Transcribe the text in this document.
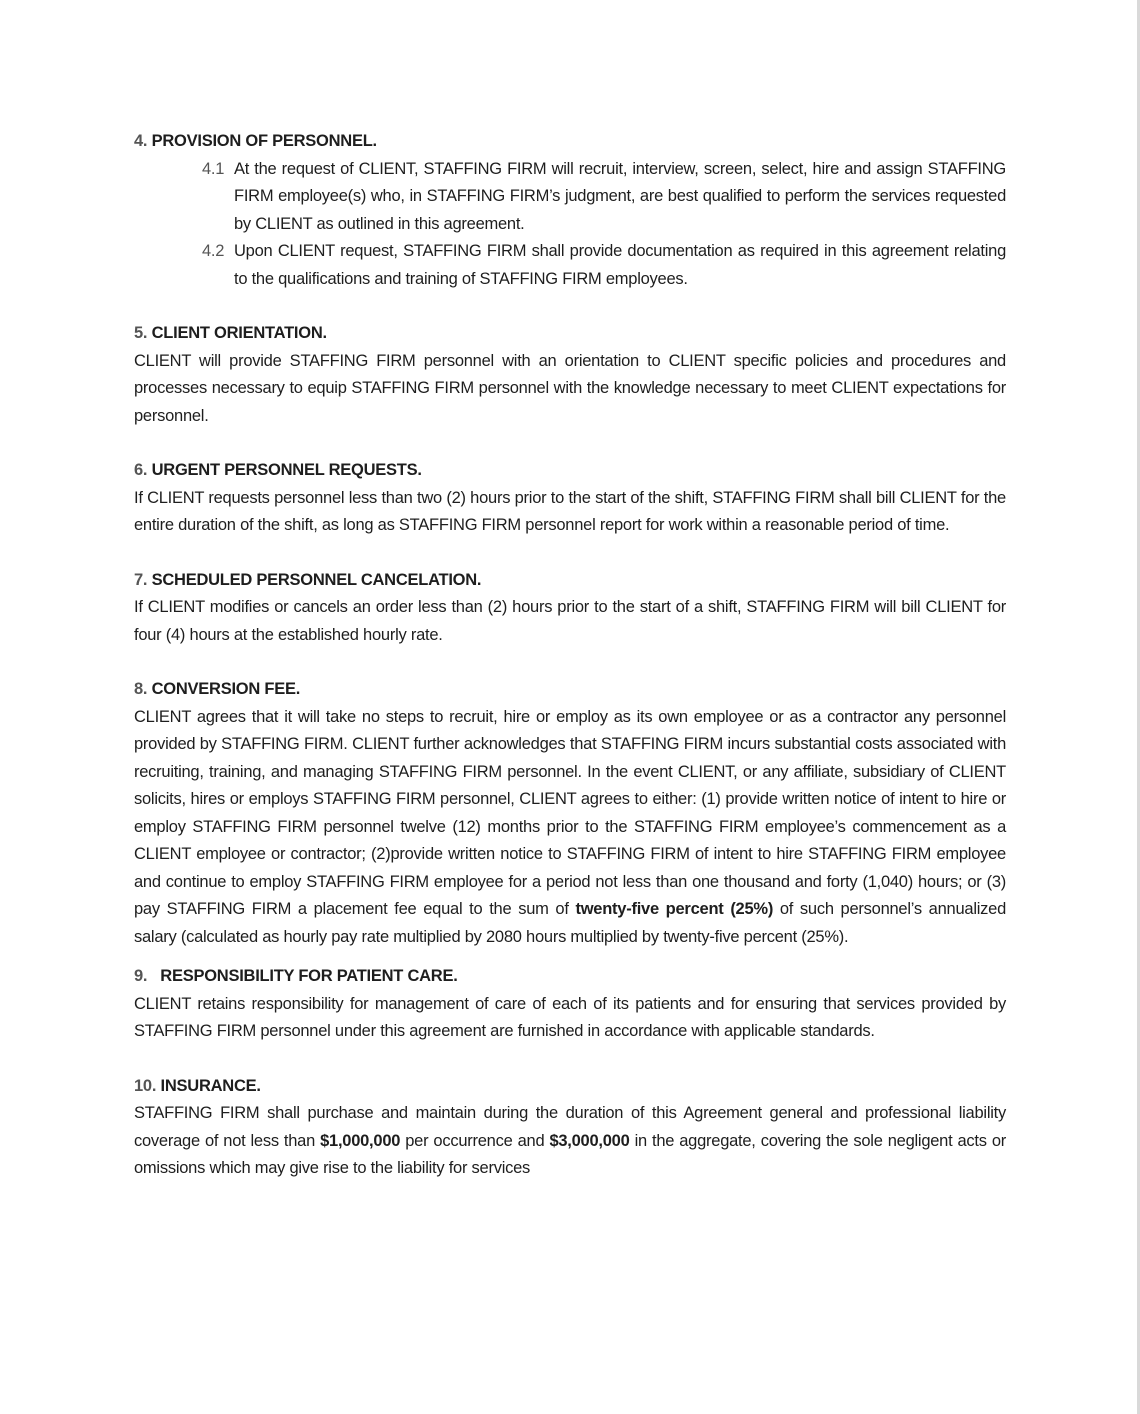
4. PROVISION OF PERSONNEL.

4.1 At the request of CLIENT, STAFFING FIRM will recruit, interview, screen, select, hire and assign STAFFING FIRM employee(s) who, in STAFFING FIRM’s judgment, are best qualified to perform the services requested by CLIENT as outlined in this agreement.

4.2 Upon CLIENT request, STAFFING FIRM shall provide documentation as required in this agreement relating to the qualifications and training of STAFFING FIRM employees.

5. CLIENT ORIENTATION.

CLIENT will provide STAFFING FIRM personnel with an orientation to CLIENT specific policies and procedures and processes necessary to equip STAFFING FIRM personnel with the knowledge necessary to meet CLIENT expectations for personnel.

6. URGENT PERSONNEL REQUESTS.

If CLIENT requests personnel less than two (2) hours prior to the start of the shift, STAFFING FIRM shall bill CLIENT for the entire duration of the shift, as long as STAFFING FIRM personnel report for work within a reasonable period of time.

7. SCHEDULED PERSONNEL CANCELATION.

If CLIENT modifies or cancels an order less than (2) hours prior to the start of a shift, STAFFING FIRM will bill CLIENT for four (4) hours at the established hourly rate.

8. CONVERSION FEE.

CLIENT agrees that it will take no steps to recruit, hire or employ as its own employee or as a contractor any personnel provided by STAFFING FIRM. CLIENT further acknowledges that STAFFING FIRM incurs substantial costs associated with recruiting, training, and managing STAFFING FIRM personnel. In the event CLIENT, or any affiliate, subsidiary of CLIENT solicits, hires or employs STAFFING FIRM personnel, CLIENT agrees to either: (1) provide written notice of intent to hire or employ STAFFING FIRM personnel twelve (12) months prior to the STAFFING FIRM employee’s commencement as a CLIENT employee or contractor; (2)provide written notice to STAFFING FIRM of intent to hire STAFFING FIRM employee and continue to employ STAFFING FIRM employee for a period not less than one thousand and forty (1,040) hours; or (3) pay STAFFING FIRM a placement fee equal to the sum of twenty-five percent (25%) of such personnel’s annualized salary (calculated as hourly pay rate multiplied by 2080 hours multiplied by twenty-five percent (25%).

9. RESPONSIBILITY FOR PATIENT CARE.

CLIENT retains responsibility for management of care of each of its patients and for ensuring that services provided by STAFFING FIRM personnel under this agreement are furnished in accordance with applicable standards.

10. INSURANCE.

STAFFING FIRM shall purchase and maintain during the duration of this Agreement general and professional liability coverage of not less than $1,000,000 per occurrence and $3,000,000 in the aggregate, covering the sole negligent acts or omissions which may give rise to the liability for services
